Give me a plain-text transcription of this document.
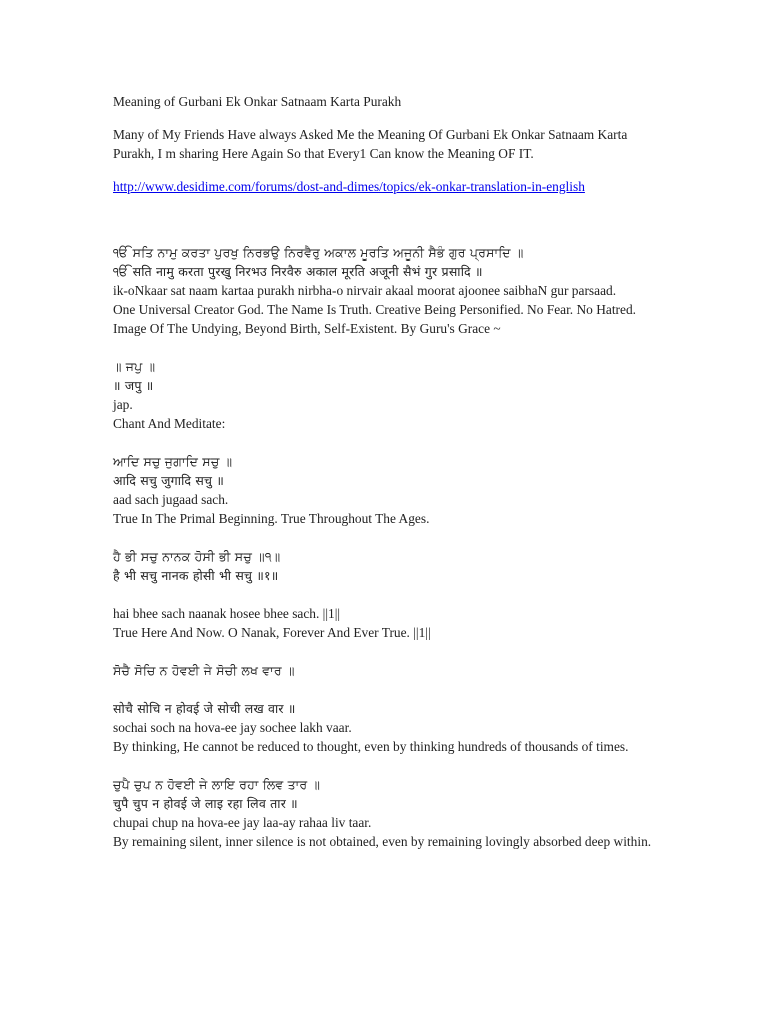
Meaning of Gurbani Ek Onkar Satnaam Karta Purakh
Many of My Friends Have always Asked Me the Meaning Of Gurbani Ek Onkar Satnaam Karta Purakh, I m sharing Here Again So that Every1 Can know the Meaning OF IT.
http://www.desidime.com/forums/dost-and-dimes/topics/ek-onkar-translation-in-english
ੴ ਸਤਿ ਨਾਮੁ ਕਰਤਾ ਪੁਰਖੁ ਨਿਰਭਉ ਨਿਰਵੈਰੁ ਅਕਾਲ ਮੂਰਤਿ ਅਜੂਨੀ ਸੈਭੰ ਗੁਰ ਪ੍ਰਸਾਦਿ ॥
ੴ सति नामु करता पुरखु निरभउ निरवैरु अकाल मूरति अजूनी सैभं गुर प्रसादि ॥
ik-oNkaar sat naam kartaa purakh nirbha-o nirvair akaal moorat ajoonee saibhaN gur parsaad.
One Universal Creator God. The Name Is Truth. Creative Being Personified. No Fear. No Hatred. Image Of The Undying, Beyond Birth, Self-Existent. By Guru's Grace ~
॥ ਜਪੁ ॥
॥ जपु ॥
jap.
Chant And Meditate:
ਆਦਿ ਸਚੁ ਜੁਗਾਦਿ ਸਚੁ ॥
आदि सचु जुगादि सचु ॥
aad sach jugaad sach.
True In The Primal Beginning. True Throughout The Ages.
ਹੈ ਭੀ ਸਚੁ ਨਾਨਕ ਹੋਸੀ ਭੀ ਸਚੁ ॥੧॥
है भी सचु नानक होसी भी सचु ॥१॥
hai bhee sach naanak hosee bhee sach. ||1||
True Here And Now. O Nanak, Forever And Ever True. ||1||
ਸੋਚੈ ਸੋਚਿ ਨ ਹੋਵਈ ਜੇ ਸੋਚੀ ਲਖ ਵਾਰ ॥
सोचै सोचि न होवई जे सोची लख वार ॥
sochai soch na hova-ee jay sochee lakh vaar.
By thinking, He cannot be reduced to thought, even by thinking hundreds of thousands of times.
ਚੁਪੈ ਚੁਪ ਨ ਹੋਵਈ ਜੇ ਲਾਇ ਰਹਾ ਲਿਵ ਤਾਰ ॥
चुपै चुप न होवई जे लाइ रहा लिव तार ॥
chupai chup na hova-ee jay laa-ay rahaa liv taar.
By remaining silent, inner silence is not obtained, even by remaining lovingly absorbed deep within.
